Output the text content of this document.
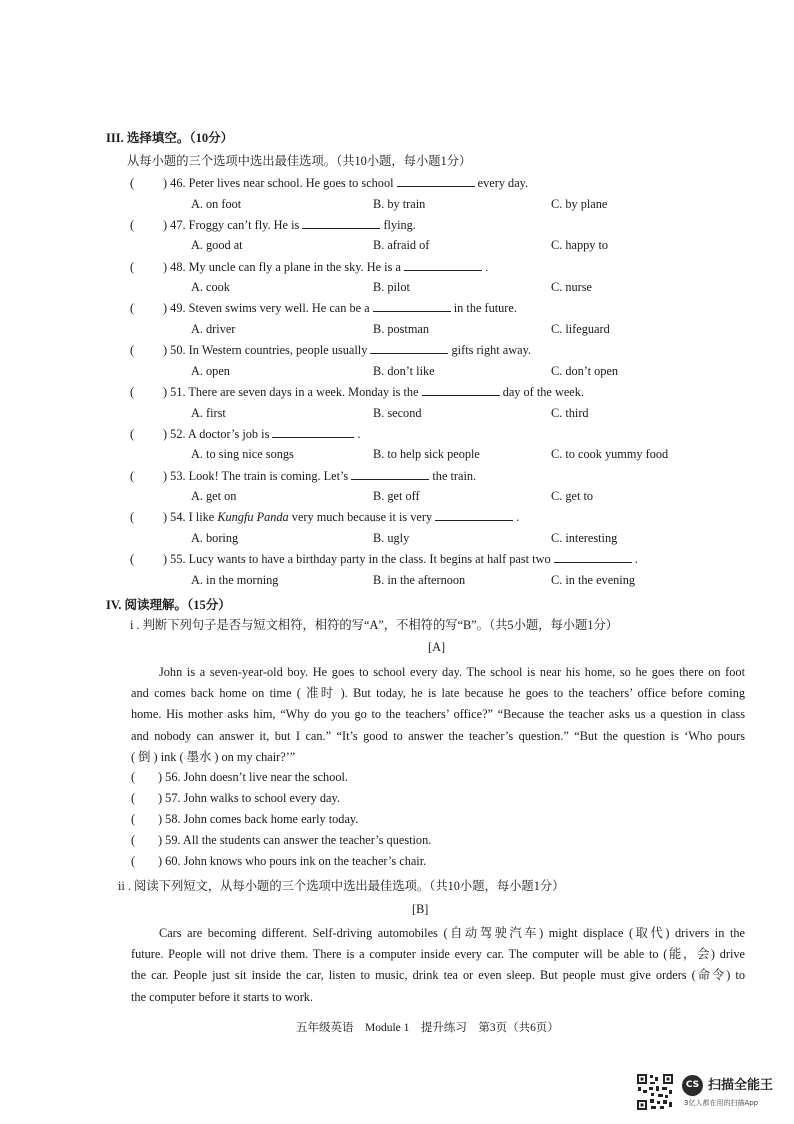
III. 选择填空。（10分）
从每小题的三个选项中选出最佳选项。（共10小题，每小题1分）
( ) 46. Peter lives near school. He goes to school	every day.
A. on foot	B. by train	C. by plane
( ) 47. Froggy can’t fly. He is	flying.
A. good at	B. afraid of	C. happy to
( ) 48. My uncle can fly a plane in the sky. He is a	.
A. cook	B. pilot	C. nurse
( ) 49. Steven swims very well. He can be a	in the future.
A. driver	B. postman	C. lifeguard
( ) 50. In Western countries, people usually	gifts right away.
A. open	B. don’t like	C. don’t open
( ) 51. There are seven days in a week. Monday is the	day of the week.
A. first	B. second	C. third
( ) 52. A doctor’s job is	.
A. to sing nice songs	B. to help sick people	C. to cook yummy food
( ) 53. Look! The train is coming. Let’s	the train.
A. get on	B. get off	C. get to
( ) 54. I like Kungfu Panda very much because it is very	.
A. boring	B. ugly	C. interesting
( ) 55. Lucy wants to have a birthday party in the class. It begins at half past two	.
A. in the morning	B. in the afternoon	C. in the evening
IV. 阅读理解。（15分）
i . 判断下列句子是否与短文相符，相符的写“A”，不相符的写“B”。（共5小题，每小题1分）
[A]
John is a seven-year-old boy. He goes to school every day. The school is near his home, so he goes there on foot
and comes back home on time ( 准时 ). But today, he is late because he goes to the teachers’ office before coming
home. His mother asks him, “Why do you go to the teachers’ office?” “Because the teacher asks us a question in class
and nobody can answer it, but I can.” “It’s good to answer the teacher’s question.” “But the question is ‘Who pours
( 倒 ) ink ( 墨水 ) on my chair?’”
( ) 56. John doesn’t live near the school.
( ) 57. John walks to school every day.
( ) 58. John comes back home early today.
( ) 59. All the students can answer the teacher’s question.
( ) 60. John knows who pours ink on the teacher’s chair.
ii . 阅读下列短文，从每小题的三个选项中选出最佳选项。（共10小题，每小题1分）
[B]
Cars are becoming different. Self-driving automobiles (自动驾驶汽车) might displace (取代) drivers in the
future. People will not drive them. There is a computer inside every car. The computer will be able to (能，会) drive
the car. People just sit inside the car, listen to music, drink tea or even sleep. But people must give orders (命令) to
the computer before it starts to work.
五年级英语    Module 1    提升练习    第3页（共6页）
CS 扫描全能王
3亿人都在用的扫描App
